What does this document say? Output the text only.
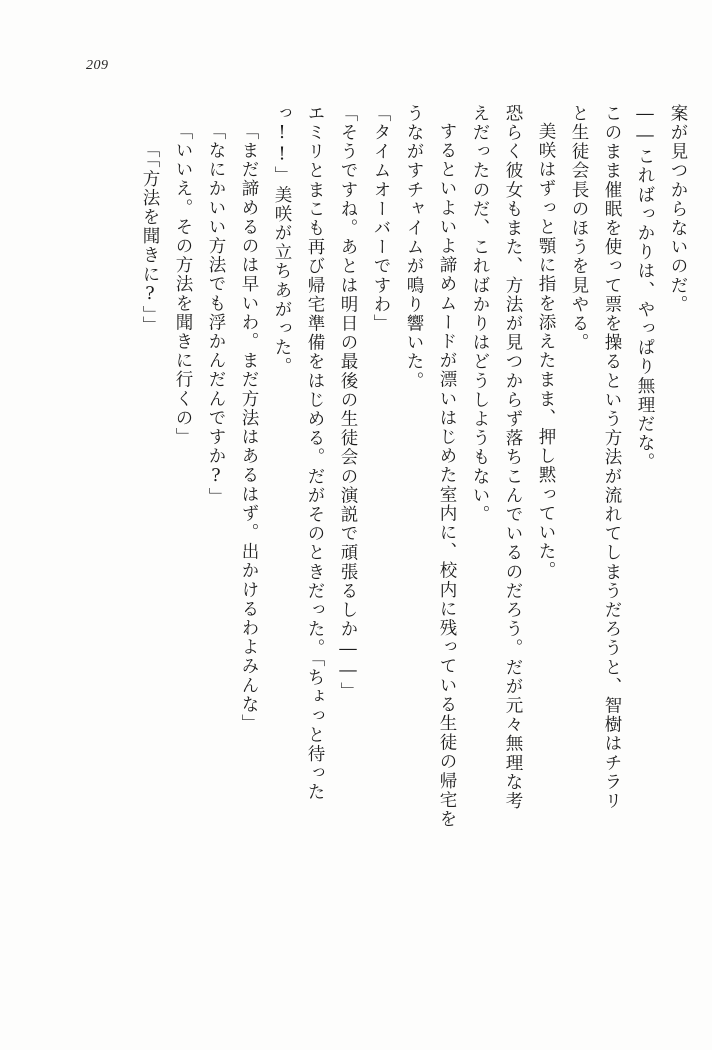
209
案が見つからないのだ。
――こればっかりは、やっぱり無理だな。
このまま催眠を使って票を操るという方法が流れてしまうだろうと、智樹はチラリ
と生徒会長のほうを見やる。
美咲はずっと顎に指を添えたまま、押し黙っていた。
恐らく彼女もまた、方法が見つからず落ちこんでいるのだろう。だが元々無理な考
えだったのだ、こればかりはどうしようもない。
するといよいよ諦めムードが漂いはじめた室内に、校内に残っている生徒の帰宅を
うながすチャイムが鳴り響いた。
「タイムオーバーですわ」
「そうですね。あとは明日の最後の生徒会の演説で頑張るしか――」
エミリとまこも再び帰宅準備をはじめる。だがそのときだった。「ちょっと待った
っ!!」美咲が立ちあがった。
「まだ諦めるのは早いわ。まだ方法はあるはず。出かけるわよみんな」
「なにかいい方法でも浮かんだんですか?」
「いいえ。その方法を聞きに行くの」
「「方法を聞きに?」」
